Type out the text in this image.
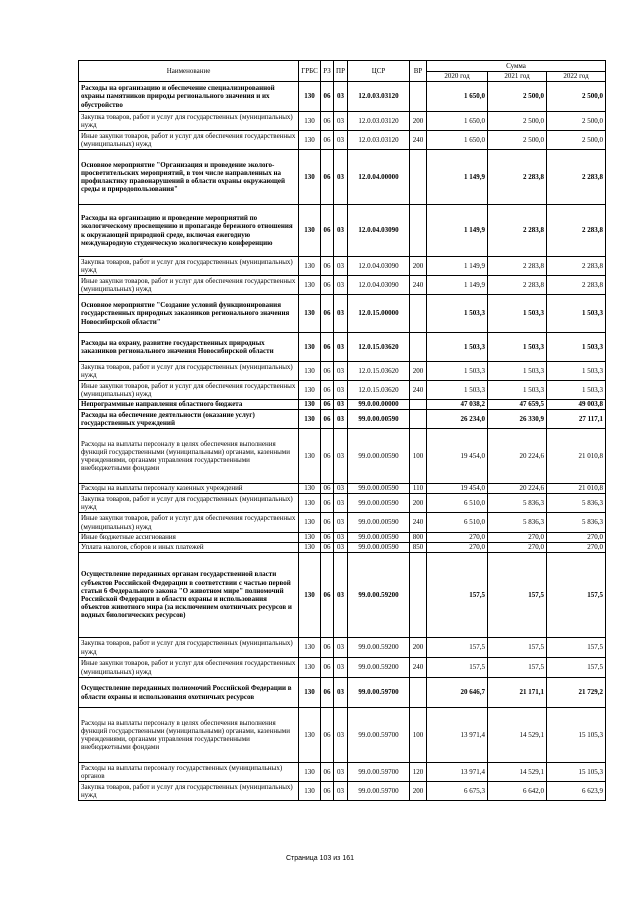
Наименование	ГРБС	РЗ	ПР	ЦСР	ВР	Сумма		
						2020 год	2021 год	2022 год
Расходы на организацию и обеспечение специализированной охраны памятников природы регионального значения и их обустройство	130	06	03	12.0.03.03120		1 650,0	2 500,0	2 500,0
Закупка товаров, работ и услуг для государственных (муниципальных) нужд	130	06	03	12.0.03.03120	200	1 650,0	2 500,0	2 500,0
Иные закупки товаров, работ и услуг для обеспечения государственных (муниципальных) нужд	130	06	03	12.0.03.03120	240	1 650,0	2 500,0	2 500,0
Основное мероприятие "Организация и проведение эколого-просветительских мероприятий, в том числе направленных на профилактику правонарушений в области охраны окружающей среды и природопользования"	130	06	03	12.0.04.00000		1 149,9	2 283,8	2 283,8
Расходы на организацию и проведение мероприятий по экологическому просвещению и пропаганде бережного отношения к окружающей природной среде, включая ежегодную международную студенческую экологическую конференцию	130	06	03	12.0.04.03090		1 149,9	2 283,8	2 283,8
Закупка товаров, работ и услуг для государственных (муниципальных) нужд	130	06	03	12.0.04.03090	200	1 149,9	2 283,8	2 283,8
Иные закупки товаров, работ и услуг для обеспечения государственных (муниципальных) нужд	130	06	03	12.0.04.03090	240	1 149,9	2 283,8	2 283,8
Основное мероприятие "Создание условий функционирования государственных природных заказников регионального значения Новосибирской области"	130	06	03	12.0.15.00000		1 503,3	1 503,3	1 503,3
Расходы на охрану, развитие государственных природных заказников регионального значения Новосибирской области	130	06	03	12.0.15.03620		1 503,3	1 503,3	1 503,3
Закупка товаров, работ и услуг для государственных (муниципальных) нужд	130	06	03	12.0.15.03620	200	1 503,3	1 503,3	1 503,3
Иные закупки товаров, работ и услуг для обеспечения государственных (муниципальных) нужд	130	06	03	12.0.15.03620	240	1 503,3	1 503,3	1 503,3
Непрограммные направления областного бюджета	130	06	03	99.0.00.00000		47 038,2	47 659,5	49 003,8
Расходы на обеспечение деятельности (оказание услуг) государственных учреждений	130	06	03	99.0.00.00590		26 234,0	26 330,9	27 117,1
Расходы на выплаты персоналу в целях обеспечения выполнения функций государственными (муниципальными) органами, казенными учреждениями, органами управления государственными внебюджетными фондами	130	06	03	99.0.00.00590	100	19 454,0	20 224,6	21 010,8
Расходы на выплаты персоналу казенных учреждений	130	06	03	99.0.00.00590	110	19 454,0	20 224,6	21 010,8
Закупка товаров, работ и услуг для государственных (муниципальных) нужд	130	06	03	99.0.00.00590	200	6 510,0	5 836,3	5 836,3
Иные закупки товаров, работ и услуг для обеспечения государственных (муниципальных) нужд	130	06	03	99.0.00.00590	240	6 510,0	5 836,3	5 836,3
Иные бюджетные ассигнования	130	06	03	99.0.00.00590	800	270,0	270,0	270,0
Уплата налогов, сборов и иных платежей	130	06	03	99.0.00.00590	850	270,0	270,0	270,0
Осуществление переданных органам государственной власти субъектов Российской Федерации в соответствии с частью первой статьи 6 Федерального закона "О животном мире" полномочий Российской Федерации в области охраны и использования объектов животного мира (за исключением охотничьих ресурсов и водных биологических ресурсов)	130	06	03	99.0.00.59200		157,5	157,5	157,5
Закупка товаров, работ и услуг для государственных (муниципальных) нужд	130	06	03	99.0.00.59200	200	157,5	157,5	157,5
Иные закупки товаров, работ и услуг для обеспечения государственных (муниципальных) нужд	130	06	03	99.0.00.59200	240	157,5	157,5	157,5
Осуществление переданных полномочий Российской Федерации в области охраны и использования охотничьих ресурсов	130	06	03	99.0.00.59700		20 646,7	21 171,1	21 729,2
Расходы на выплаты персоналу в целях обеспечения выполнения функций государственными (муниципальными) органами, казенными учреждениями, органами управления государственными внебюджетными фондами	130	06	03	99.0.00.59700	100	13 971,4	14 529,1	15 105,3
Расходы на выплаты персоналу государственных (муниципальных) органов	130	06	03	99.0.00.59700	120	13 971,4	14 529,1	15 105,3
Закупка товаров, работ и услуг для государственных (муниципальных) нужд	130	06	03	99.0.00.59700	200	6 675,3	6 642,0	6 623,9
Страница 103 из 161
